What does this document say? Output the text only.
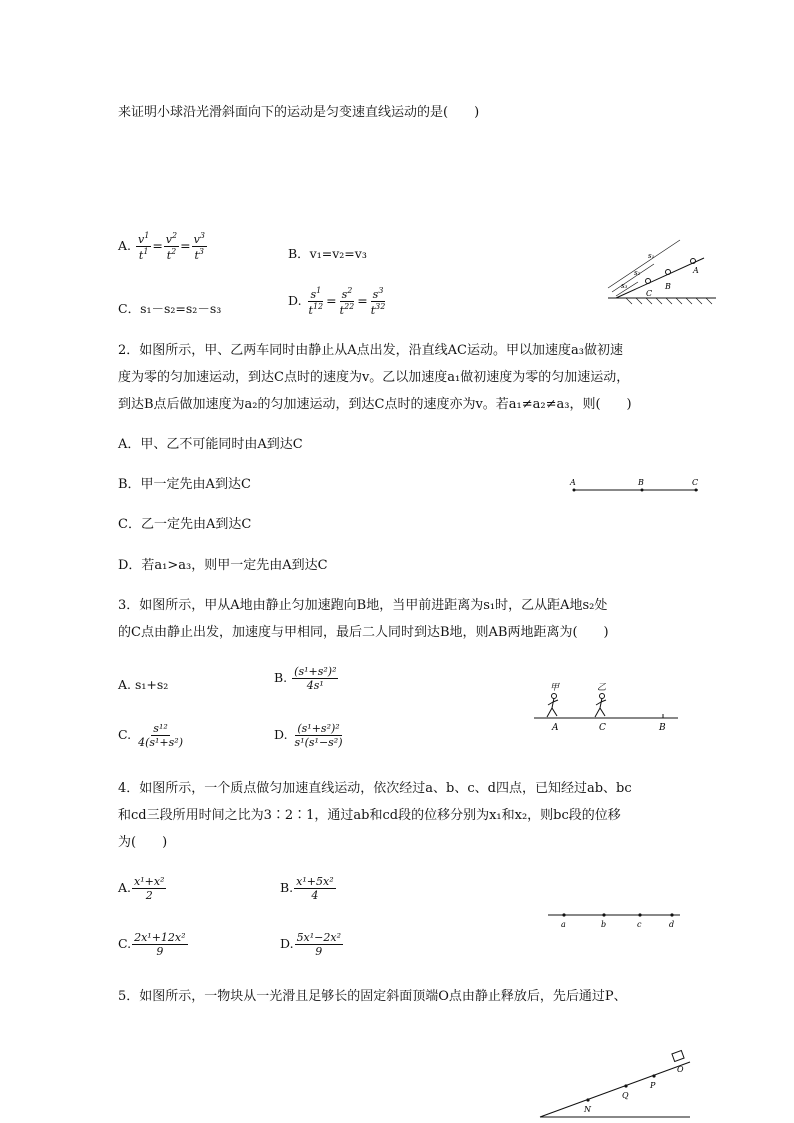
来证明小球沿光滑斜面向下的运动是匀变速直线运动的是(　　)
A. $\frac{v^1}{t^1} = \frac{v^2}{t^2} = \frac{v^3}{t^3}$	B．v₁=v₂=v₃
C．s₁－s₂=s₂－s₃
D. $\frac{s^1}{t^{12}} = \frac{s^2}{t^{22}} = \frac{s^3}{t^{32}}$
s₁
s₂
s₃
A
B
C
2．如图所示，甲、乙两车同时由静止从A点出发，沿直线AC运动。甲以加速度a₃做初速
度为零的匀加速运动，到达C点时的速度为v。乙以加速度a₁做初速度为零的匀加速运动，
到达B点后做加速度为a₂的匀加速运动，到达C点时的速度亦为v。若a₁≠a₂≠a₃，则(　　)
A．甲、乙不可能同时由A到达C
B．甲一定先由A到达C
C．乙一定先由A到达C
D．若a₁>a₃，则甲一定先由A到达C
A	B	C
3．如图所示，甲从A地由静止匀加速跑向B地，当甲前进距离为s₁时，乙从距A地s₂处
的C点由静止出发，加速度与甲相同，最后二人同时到达B地，则AB两地距离为(　　)
A. s₁+s₂	B. $\frac{\text{(s¹+s²)²}}{\text{4s¹}}$
C. $\frac{\text{s¹²}}{\text{4(s¹+s²)}}$	D. $\frac{\text{(s¹+s²)²}}{\text{s¹(s¹−s²)}}$
甲	乙
A	C	B
4．如图所示，一个质点做匀加速直线运动，依次经过a、b、c、d四点，已知经过ab、bc
和cd三段所用时间之比为3∶2∶1，通过ab和cd段的位移分别为x₁和x₂，则bc段的位移
为(　　)
A. $\frac{\text{x¹+x²}}{2}$	B. $\frac{\text{x¹+5x²}}{4}$
C. $\frac{\text{2x¹+12x²}}{9}$	D. $\frac{\text{5x¹−2x²}}{9}$
a	b	c	d
5．如图所示，一物块从一光滑且足够长的固定斜面顶端O点由静止释放后，先后通过P、
N
Q
P
O
